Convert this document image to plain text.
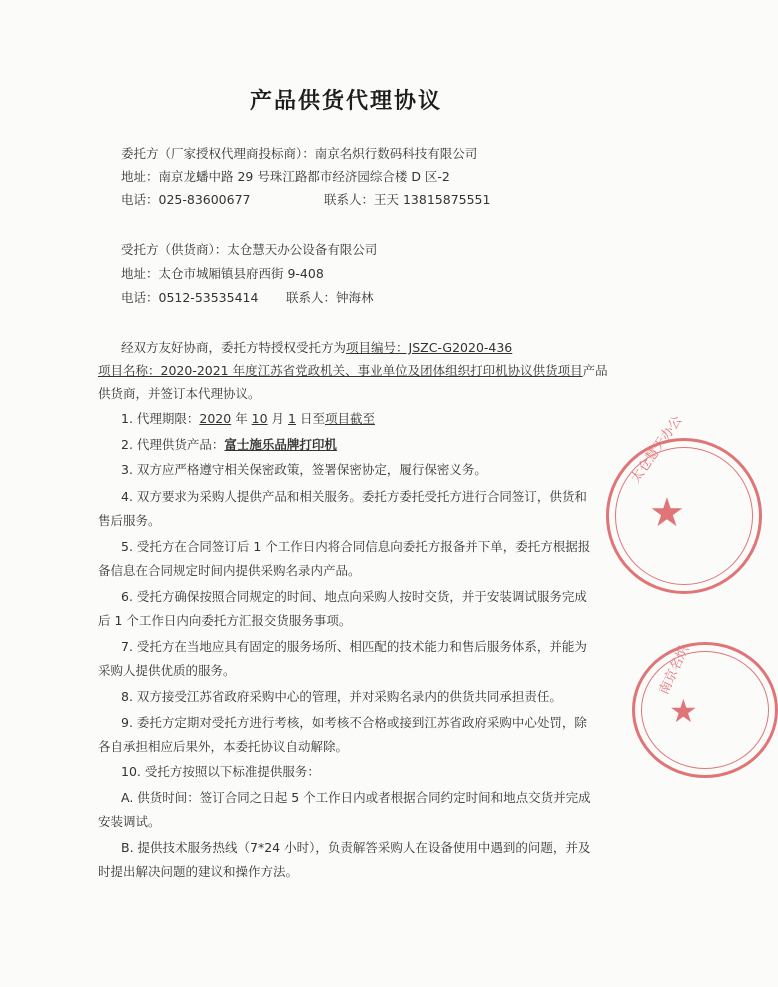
产品供货代理协议
委托方（厂家授权代理商投标商）：南京名炽行数码科技有限公司
地址：南京龙蟠中路 29 号珠江路都市经济园综合楼 D 区-2
电话：025-83600677	联系人：王天 13815875551
受托方（供货商）：太仓慧天办公设备有限公司
地址：太仓市城厢镇县府西街 9-408
电话：0512-53535414 联系人：钟海林
经双方友好协商，委托方特授权受托方为项目编号：JSZC-G2020-436
项目名称：2020-2021 年度江苏省党政机关、事业单位及团体组织打印机协议供货项目产品
供货商，并签订本代理协议。
1. 代理期限：2020 年 10 月 1 日至项目截至
2. 代理供货产品：富士施乐品牌打印机
3. 双方应严格遵守相关保密政策，签署保密协定，履行保密义务。
4. 双方要求为采购人提供产品和相关服务。委托方委托受托方进行合同签订，供货和
售后服务。
5. 受托方在合同签订后 1 个工作日内将合同信息向委托方报备并下单，委托方根据报
备信息在合同规定时间内提供采购名录内产品。
6. 受托方确保按照合同规定的时间、地点向采购人按时交货，并于安装调试服务完成
后 1 个工作日内向委托方汇报交货服务事项。
7. 受托方在当地应具有固定的服务场所、相匹配的技术能力和售后服务体系，并能为
采购人提供优质的服务。
8. 双方接受江苏省政府采购中心的管理，并对采购名录内的供货共同承担责任。
9. 委托方定期对受托方进行考核，如考核不合格或接到江苏省政府采购中心处罚，除
各自承担相应后果外，本委托协议自动解除。
10. 受托方按照以下标准提供服务：
A. 供货时间：签订合同之日起 5 个工作日内或者根据合同约定时间和地点交货并完成
安装调试。
B. 提供技术服务热线（7*24 小时），负责解答采购人在设备使用中遇到的问题，并及
时提出解决问题的建议和操作方法。
太仓慧天办公
★
南京名炽
★
